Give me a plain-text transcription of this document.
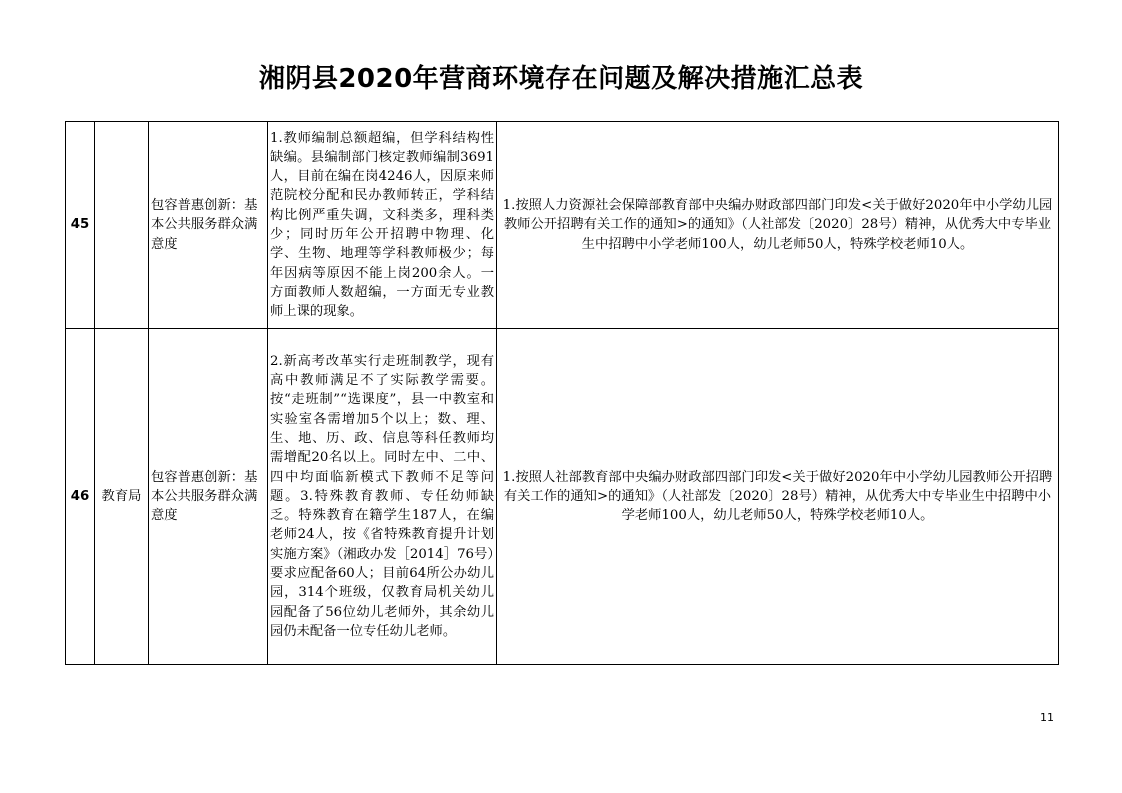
湘阴县2020年营商环境存在问题及解决措施汇总表
45		包容普惠创新：基本公共服务群众满意度	1.教师编制总额超编，但学科结构性缺编。县编制部门核定教师编制3691人，目前在编在岗4246人，因原来师范院校分配和民办教师转正，学科结构比例严重失调，文科类多，理科类少；同时历年公开招聘中物理、化学、生物、地理等学科教师极少；每年因病等原因不能上岗200余人。一方面教师人数超编，一方面无专业教师上课的现象。	1.按照人力资源社会保障部教育部中央编办财政部四部门印发<关于做好2020年中小学幼儿园教师公开招聘有关工作的通知>的通知》（人社部发〔2020〕28号）精神，从优秀大中专毕业生中招聘中小学老师100人，幼儿老师50人，特殊学校老师10人。
46	教育局	包容普惠创新：基本公共服务群众满意度	2.新高考改革实行走班制教学，现有高中教师满足不了实际教学需要。按“走班制”“选课度”，县一中教室和实验室各需增加5个以上；数、理、生、地、历、政、信息等科任教师均需增配20名以上。同时左中、二中、四中均面临新模式下教师不足等问题。3.特殊教育教师、专任幼师缺乏。特殊教育在籍学生187人，在编老师24人，按《省特殊教育提升计划实施方案》（湘政办发［2014］76号）要求应配备60人；目前64所公办幼儿园，314个班级，仅教育局机关幼儿园配备了56位幼儿老师外，其余幼儿园仍未配备一位专任幼儿老师。	1.按照人社部教育部中央编办财政部四部门印发<关于做好2020年中小学幼儿园教师公开招聘有关工作的通知>的通知》（人社部发〔2020〕28号）精神，从优秀大中专毕业生中招聘中小学老师100人，幼儿老师50人，特殊学校老师10人。
11
